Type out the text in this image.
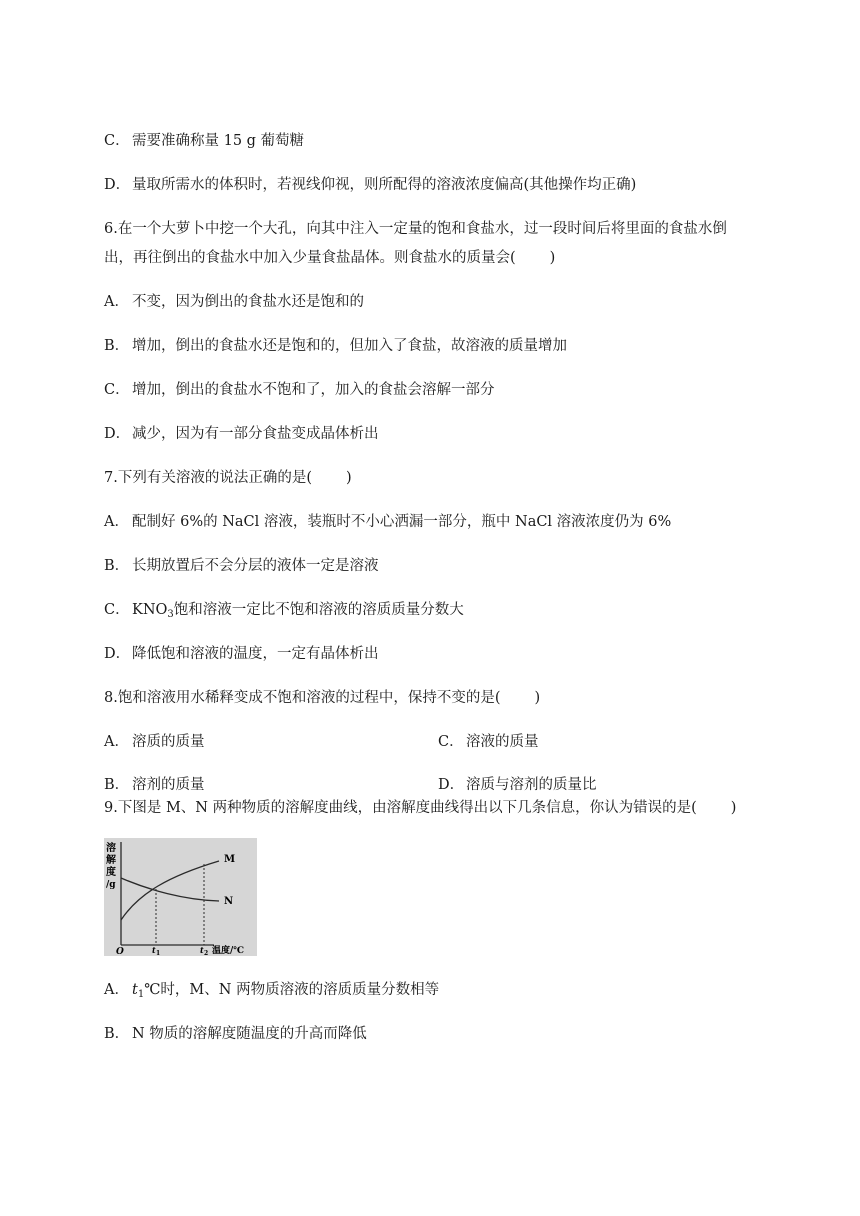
C． 需要准确称量 15 g 葡萄糖
D． 量取所需水的体积时，若视线仰视，则所配得的溶液浓度偏高(其他操作均正确)
6.在一个大萝卜中挖一个大孔，向其中注入一定量的饱和食盐水，过一段时间后将里面的食盐水倒
出，再往倒出的食盐水中加入少量食盐晶体。则食盐水的质量会( )
A． 不变，因为倒出的食盐水还是饱和的
B． 增加，倒出的食盐水还是饱和的，但加入了食盐，故溶液的质量增加
C． 增加，倒出的食盐水不饱和了，加入的食盐会溶解一部分
D． 减少，因为有一部分食盐变成晶体析出
7.下列有关溶液的说法正确的是( )
A． 配制好 6%的 NaCl 溶液，装瓶时不小心洒漏一部分，瓶中 NaCl 溶液浓度仍为 6%
B． 长期放置后不会分层的液体一定是溶液
C． $KNO_3$饱和溶液一定比不饱和溶液的溶质质量分数大
D． 降低饱和溶液的温度，一定有晶体析出
8.饱和溶液用水稀释变成不饱和溶液的过程中，保持不变的是( )
A． 溶质的质量	C． 溶液的质量
B． 溶剂的质量	D． 溶质与溶剂的质量比
9.下图是 M、N 两种物质的溶解度曲线，由溶解度曲线得出以下几条信息，你认为错误的是( )
溶
解
度
/g
O	t 1	t 2 温度/℃
M
N
A． $t_1℃$时，M、N 两物质溶液的溶质质量分数相等
B． N 物质的溶解度随温度的升高而降低
